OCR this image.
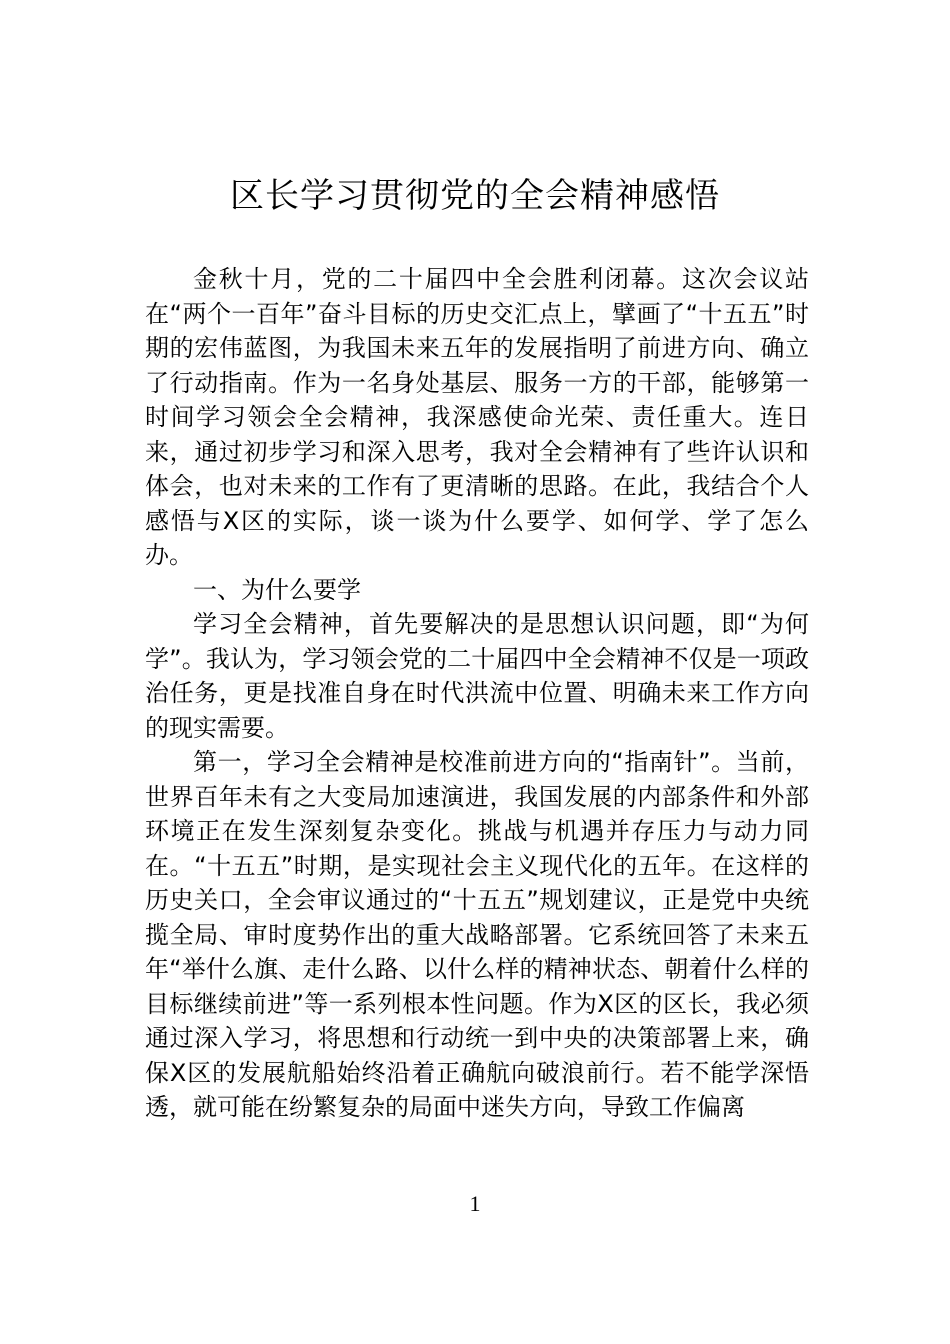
区长学习贯彻党的全会精神感悟

金秋十月，党的二十届四中全会胜利闭幕。这次会议站在“两个一百年”奋斗目标的历史交汇点上，擘画了“十五五”时期的宏伟蓝图，为我国未来五年的发展指明了前进方向、确立了行动指南。作为一名身处基层、服务一方的干部，能够第一时间学习领会全会精神，我深感使命光荣、责任重大。连日来，通过初步学习和深入思考，我对全会精神有了些许认识和体会，也对未来的工作有了更清晰的思路。在此，我结合个人感悟与X区的实际，谈一谈为什么要学、如何学、学了怎么办。

一、为什么要学

学习全会精神，首先要解决的是思想认识问题，即“为何学”。我认为，学习领会党的二十届四中全会精神不仅是一项政治任务，更是找准自身在时代洪流中位置、明确未来工作方向的现实需要。

第一，学习全会精神是校准前进方向的“指南针”。当前，世界百年未有之大变局加速演进，我国发展的内部条件和外部环境正在发生深刻复杂变化。挑战与机遇并存压力与动力同在。“十五五”时期，是实现社会主义现代化的五年。在这样的历史关口，全会审议通过的“十五五”规划建议，正是党中央统揽全局、审时度势作出的重大战略部署。它系统回答了未来五年“举什么旗、走什么路、以什么样的精神状态、朝着什么样的目标继续前进”等一系列根本性问题。作为X区的区长，我必须通过深入学习，将思想和行动统一到中央的决策部署上来，确保X区的发展航船始终沿着正确航向破浪前行。若不能学深悟透，就可能在纷繁复杂的局面中迷失方向，导致工作偏离

1
